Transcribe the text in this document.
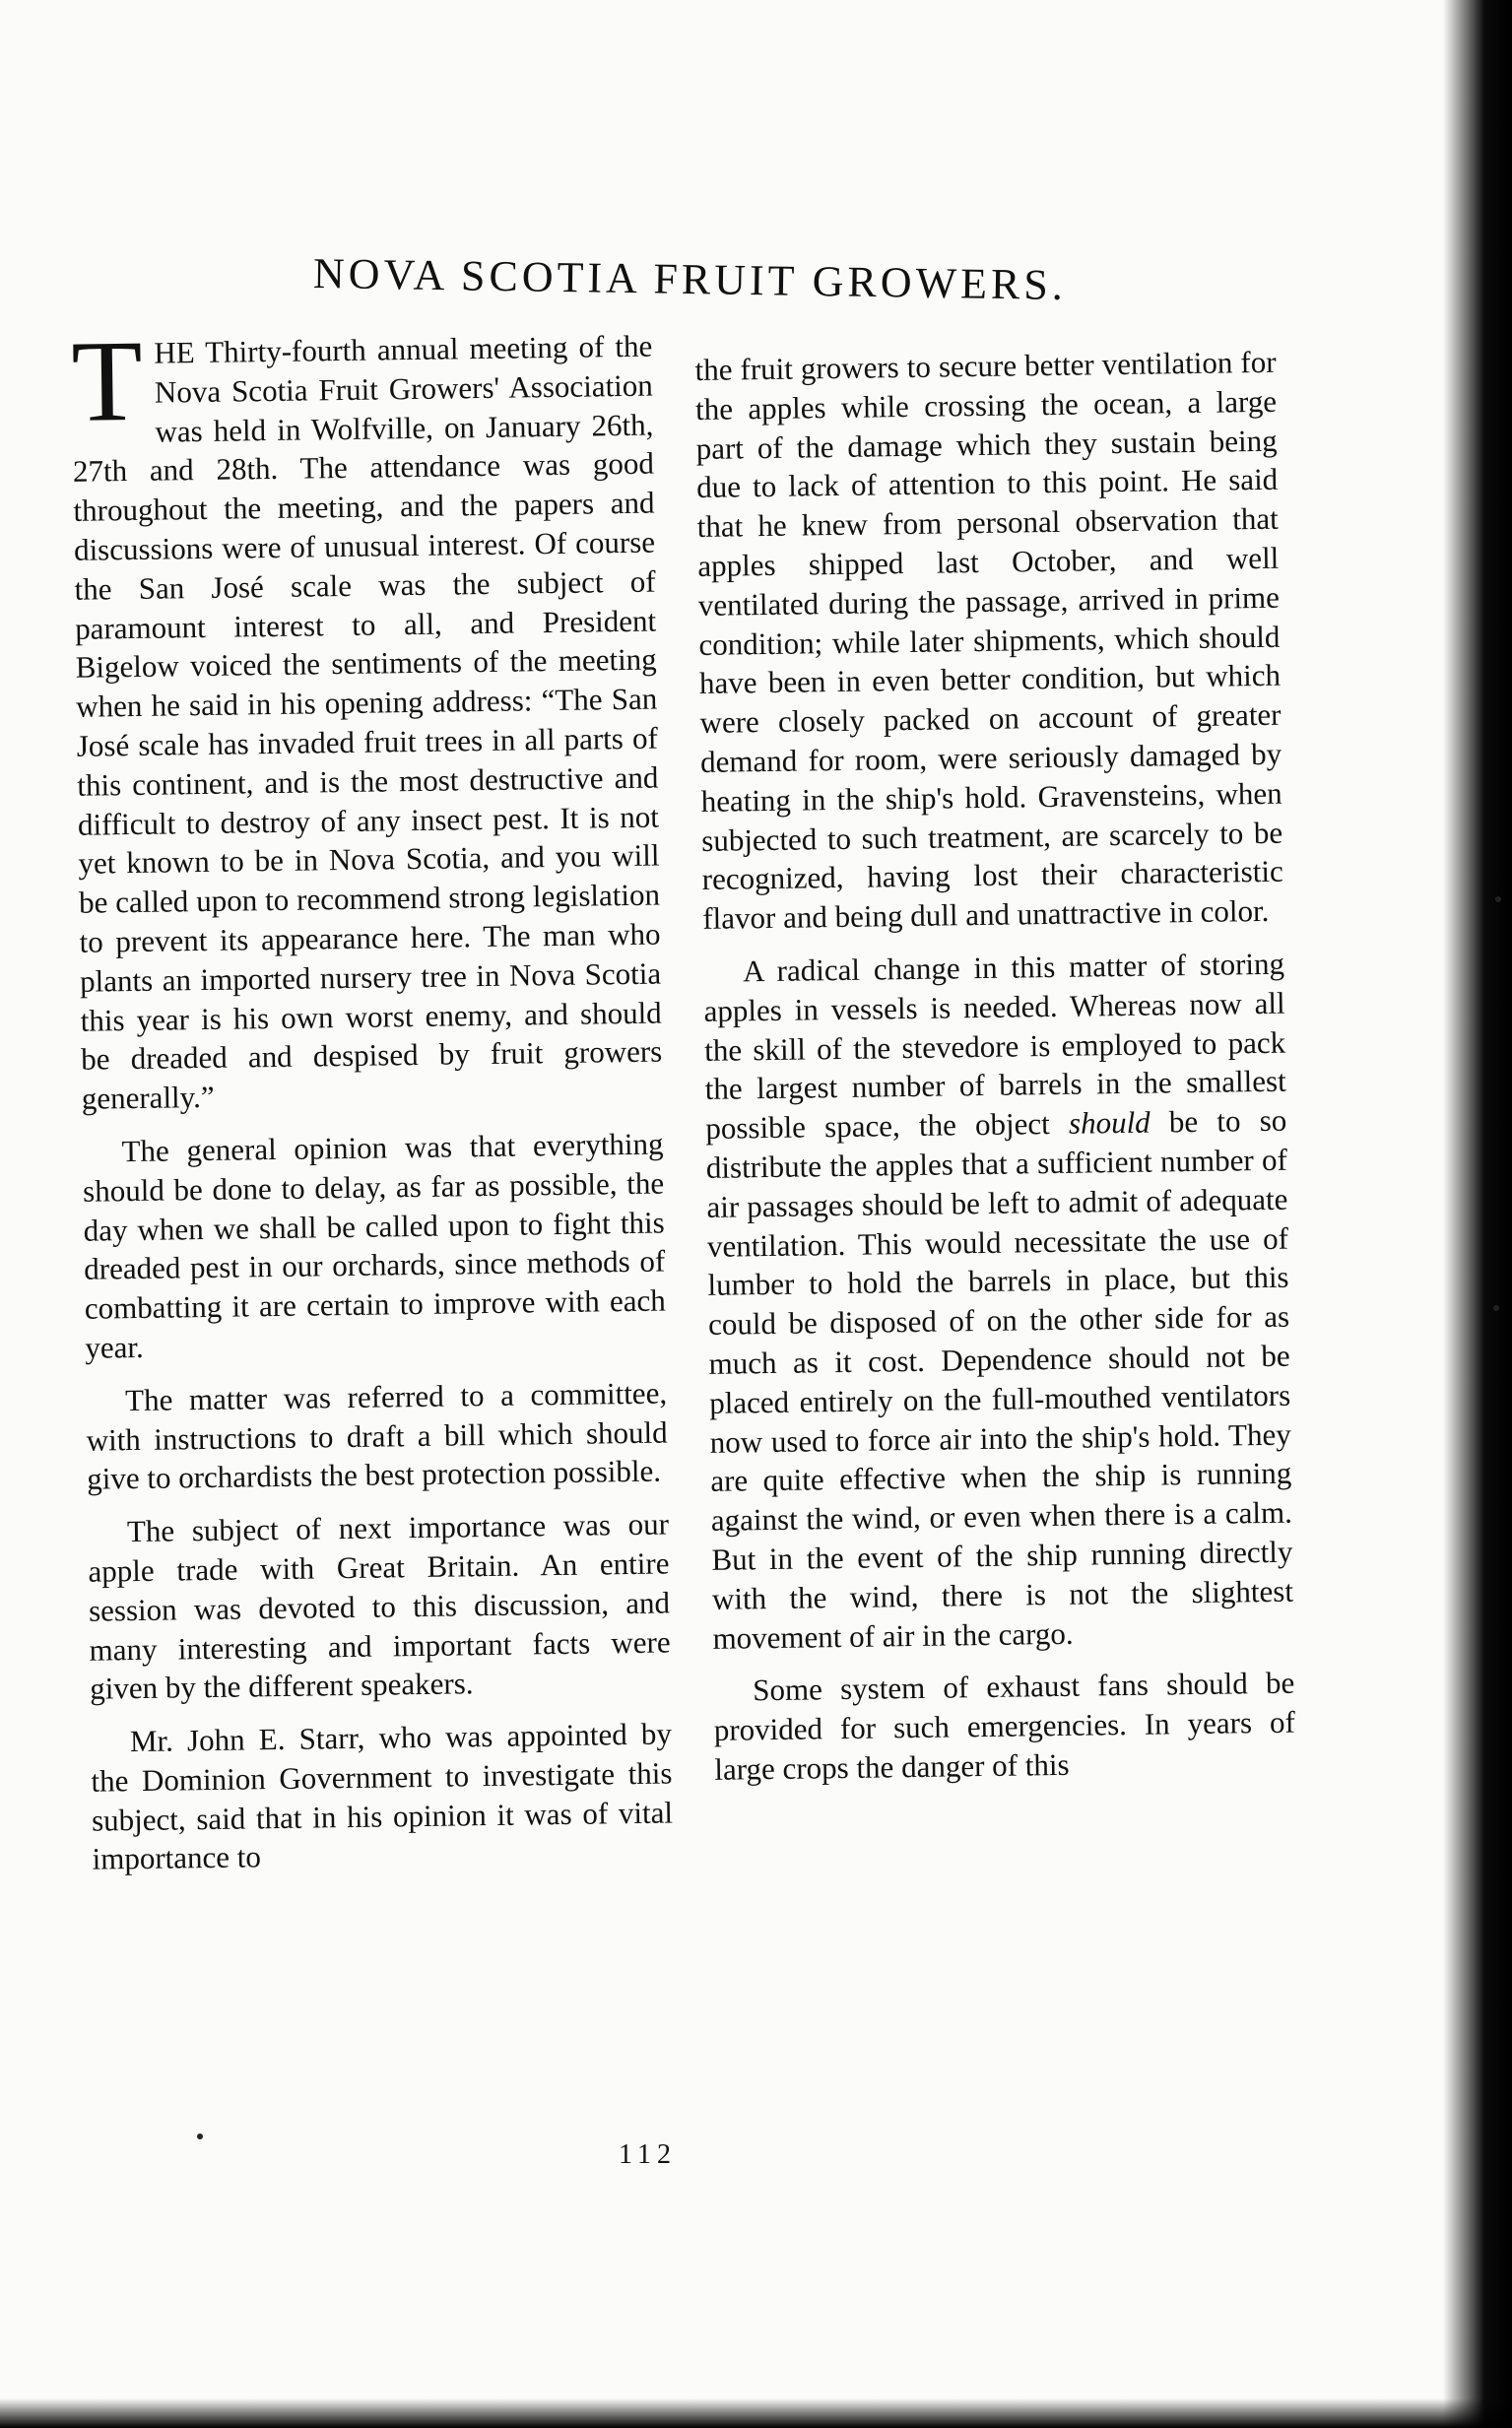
NOVA SCOTIA FRUIT GROWERS.

THE Thirty-fourth annual meeting of the Nova Scotia Fruit Growers' Association was held in Wolfville, on January 26th, 27th and 28th. The attendance was good throughout the meeting, and the papers and discussions were of unusual interest. Of course the San José scale was the subject of paramount interest to all, and President Bigelow voiced the sentiments of the meeting when he said in his opening address: “The San José scale has invaded fruit trees in all parts of this continent, and is the most destructive and difficult to destroy of any insect pest. It is not yet known to be in Nova Scotia, and you will be called upon to recommend strong legislation to prevent its appearance here. The man who plants an imported nursery tree in Nova Scotia this year is his own worst enemy, and should be dreaded and despised by fruit growers generally.”

The general opinion was that everything should be done to delay, as far as possible, the day when we shall be called upon to fight this dreaded pest in our orchards, since methods of combatting it are certain to improve with each year.

The matter was referred to a committee, with instructions to draft a bill which should give to orchardists the best protection possible.

The subject of next importance was our apple trade with Great Britain. An entire session was devoted to this discussion, and many interesting and important facts were given by the different speakers.

Mr. John E. Starr, who was appointed by the Dominion Government to investigate this subject, said that in his opinion it was of vital importance to

the fruit growers to secure better ventilation for the apples while crossing the ocean, a large part of the damage which they sustain being due to lack of attention to this point. He said that he knew from personal observation that apples shipped last October, and well ventilated during the passage, arrived in prime condition; while later shipments, which should have been in even better condition, but which were closely packed on account of greater demand for room, were seriously damaged by heating in the ship's hold. Gravensteins, when subjected to such treatment, are scarcely to be recognized, having lost their characteristic flavor and being dull and unattractive in color.

A radical change in this matter of storing apples in vessels is needed. Whereas now all the skill of the stevedore is employed to pack the largest number of barrels in the smallest possible space, the object should be to so distribute the apples that a sufficient number of air passages should be left to admit of adequate ventilation. This would necessitate the use of lumber to hold the barrels in place, but this could be disposed of on the other side for as much as it cost. Dependence should not be placed entirely on the full-mouthed ventilators now used to force air into the ship's hold. They are quite effective when the ship is running against the wind, or even when there is a calm. But in the event of the ship running directly with the wind, there is not the slightest movement of air in the cargo.

Some system of exhaust fans should be provided for such emergencies. In years of large crops the danger of this

112
